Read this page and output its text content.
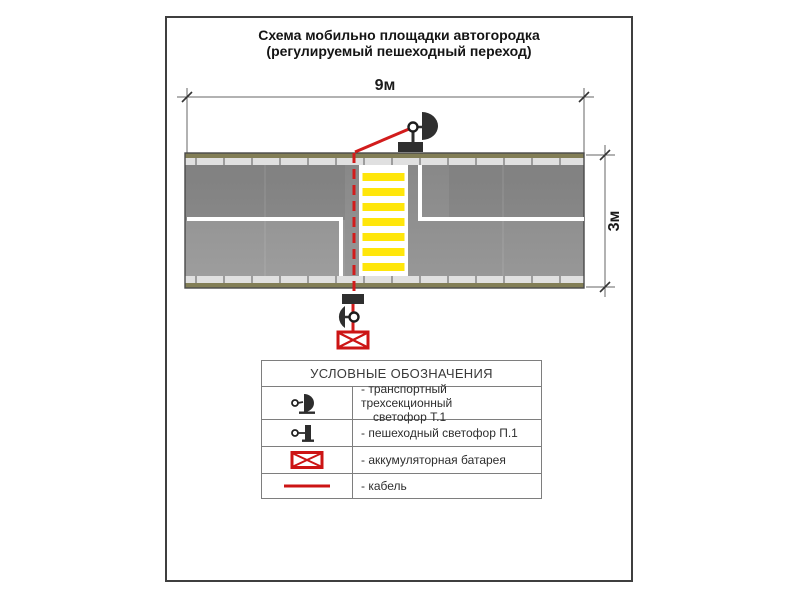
Схема мобильно площадки автогородка
(регулируемый пешеходный переход)
9м
3м
УСЛОВНЫЕ ОБОЗНАЧЕНИЯ
- транспортный трехсекционный
светофор Т.1
- пешеходный светофор П.1
- аккумуляторная батарея
- кабель
